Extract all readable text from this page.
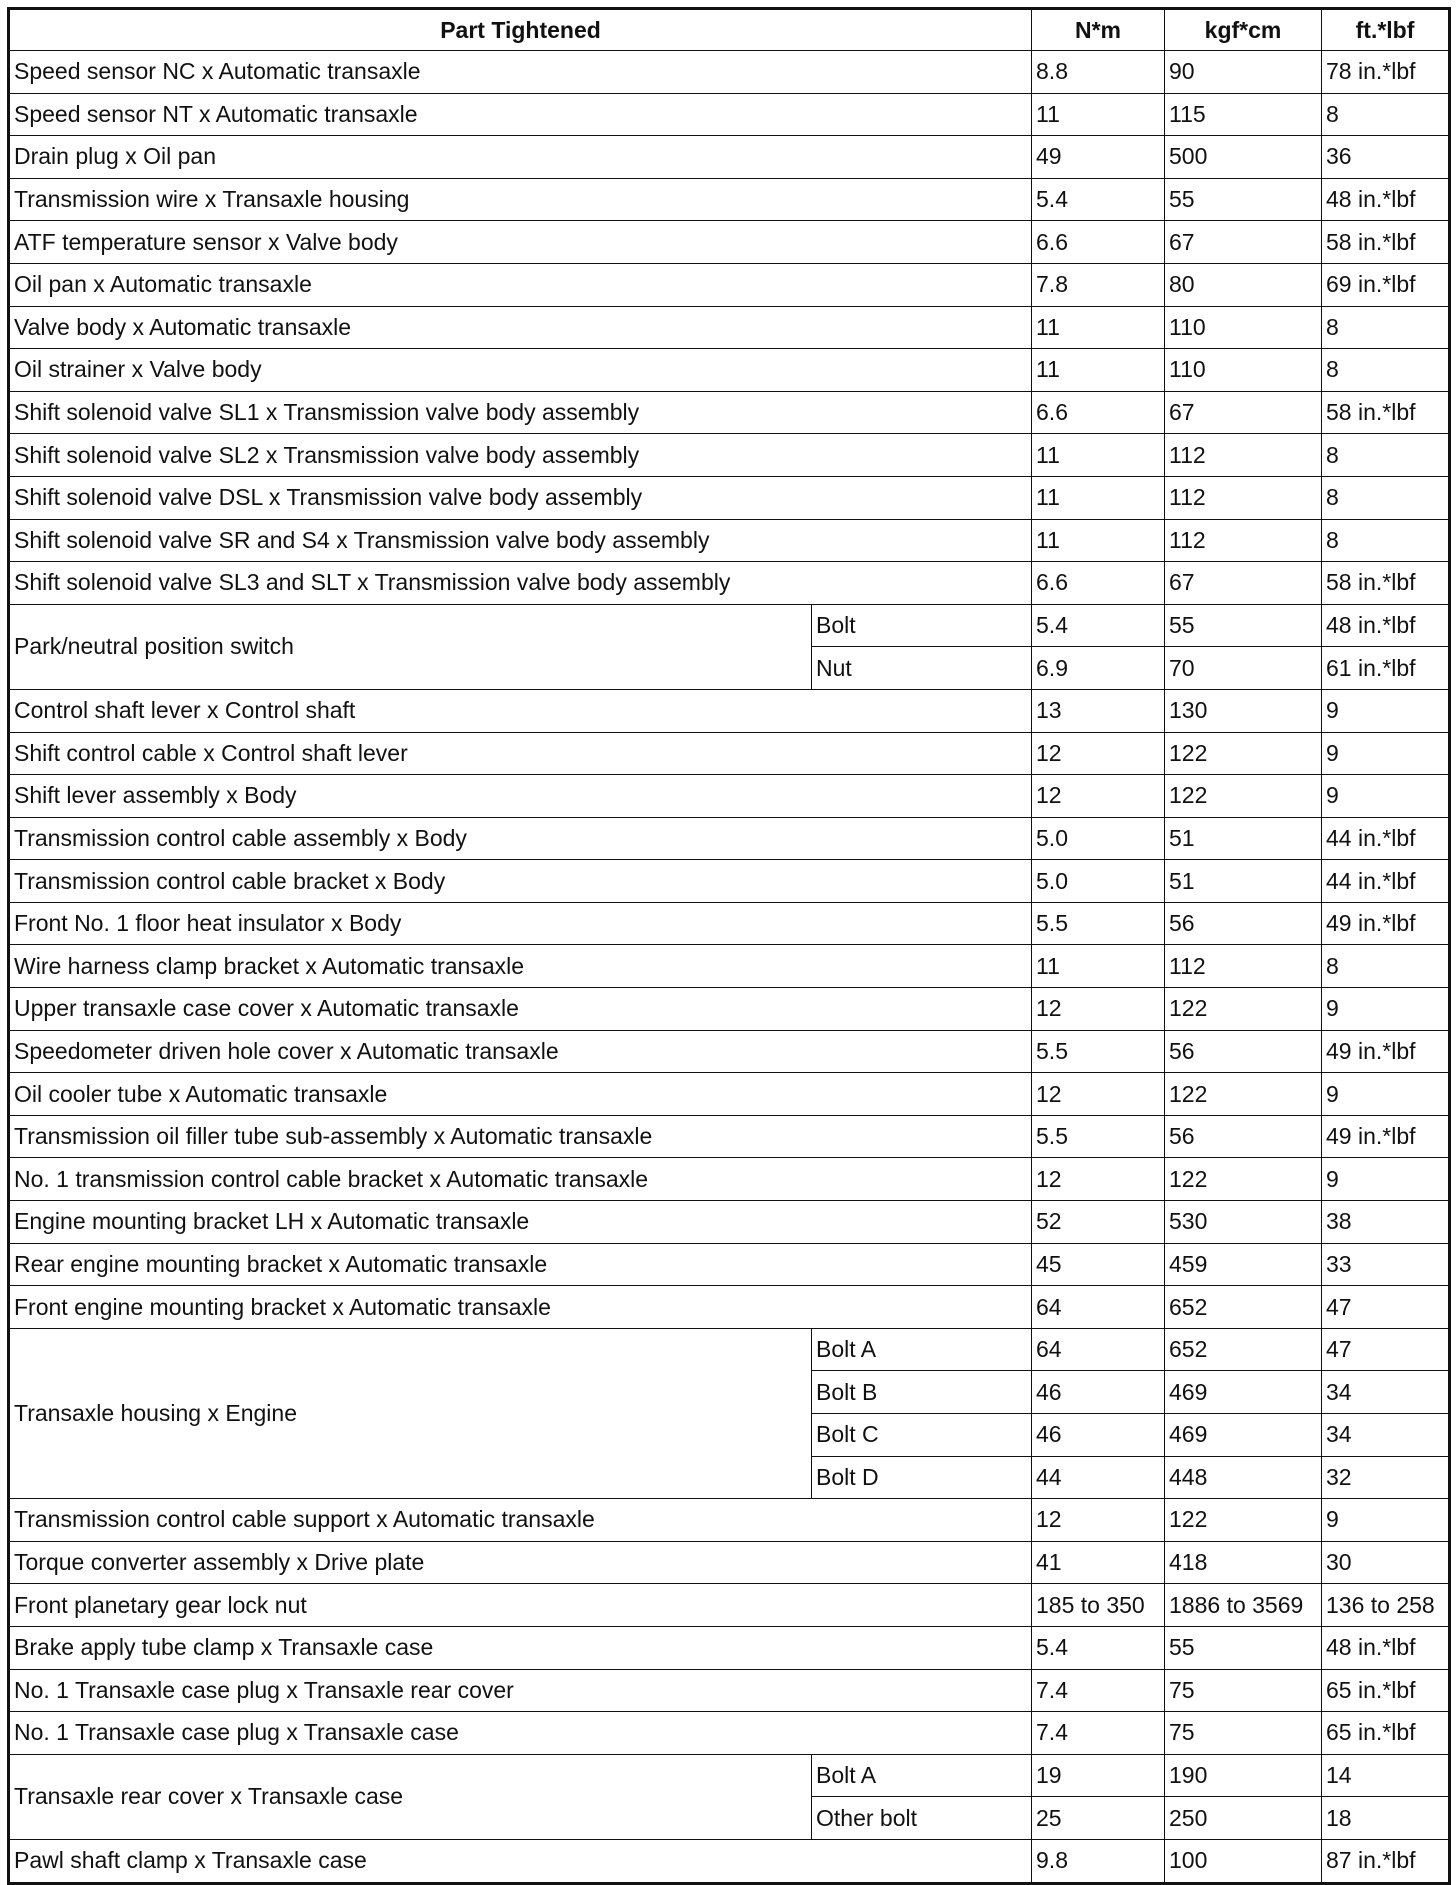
Part Tightened		N*m	kgf*cm	ft.*lbf
Speed sensor NC x Automatic transaxle		8.8	90	78 in.*lbf
Speed sensor NT x Automatic transaxle		11	115	8
Drain plug x Oil pan		49	500	36
Transmission wire x Transaxle housing		5.4	55	48 in.*lbf
ATF temperature sensor x Valve body		6.6	67	58 in.*lbf
Oil pan x Automatic transaxle		7.8	80	69 in.*lbf
Valve body x Automatic transaxle		11	110	8
Oil strainer x Valve body		11	110	8
Shift solenoid valve SL1 x Transmission valve body assembly		6.6	67	58 in.*lbf
Shift solenoid valve SL2 x Transmission valve body assembly		11	112	8
Shift solenoid valve DSL x Transmission valve body assembly		11	112	8
Shift solenoid valve SR and S4 x Transmission valve body assembly		11	112	8
Shift solenoid valve SL3 and SLT x Transmission valve body assembly		6.6	67	58 in.*lbf
Park/neutral position switch	Bolt	5.4	55	48 in.*lbf
	Nut	6.9	70	61 in.*lbf
Control shaft lever x Control shaft		13	130	9
Shift control cable x Control shaft lever		12	122	9
Shift lever assembly x Body		12	122	9
Transmission control cable assembly x Body		5.0	51	44 in.*lbf
Transmission control cable bracket x Body		5.0	51	44 in.*lbf
Front No. 1 floor heat insulator x Body		5.5	56	49 in.*lbf
Wire harness clamp bracket x Automatic transaxle		11	112	8
Upper transaxle case cover x Automatic transaxle		12	122	9
Speedometer driven hole cover x Automatic transaxle		5.5	56	49 in.*lbf
Oil cooler tube x Automatic transaxle		12	122	9
Transmission oil filler tube sub-assembly x Automatic transaxle		5.5	56	49 in.*lbf
No. 1 transmission control cable bracket x Automatic transaxle		12	122	9
Engine mounting bracket LH x Automatic transaxle		52	530	38
Rear engine mounting bracket x Automatic transaxle		45	459	33
Front engine mounting bracket x Automatic transaxle		64	652	47
Transaxle housing x Engine	Bolt A	64	652	47
	Bolt B	46	469	34
	Bolt C	46	469	34
	Bolt D	44	448	32
Transmission control cable support x Automatic transaxle		12	122	9
Torque converter assembly x Drive plate		41	418	30
Front planetary gear lock nut		185 to 350	1886 to 3569	136 to 258
Brake apply tube clamp x Transaxle case		5.4	55	48 in.*lbf
No. 1 Transaxle case plug x Transaxle rear cover		7.4	75	65 in.*lbf
No. 1 Transaxle case plug x Transaxle case		7.4	75	65 in.*lbf
Transaxle rear cover x Transaxle case	Bolt A	19	190	14
	Other bolt	25	250	18
Pawl shaft clamp x Transaxle case		9.8	100	87 in.*lbf
